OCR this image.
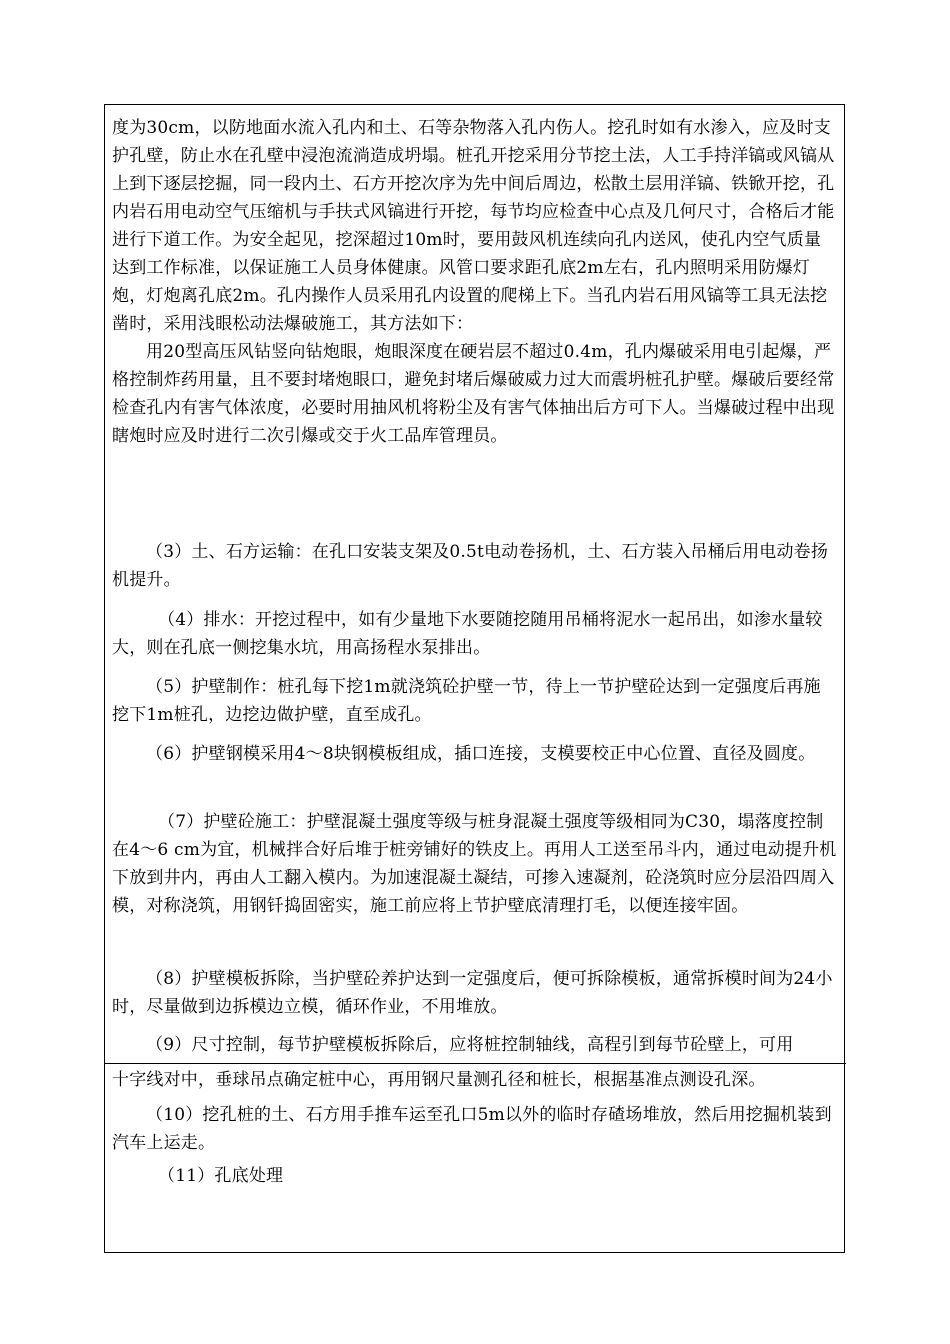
度为30cm，以防地面水流入孔内和土、石等杂物落入孔内伤人。挖孔时如有水渗入，应及时支护孔壁，防止水在孔壁中浸泡流淌造成坍塌。桩孔开挖采用分节挖土法，人工手持洋镐或风镐从上到下逐层挖掘，同一段内土、石方开挖次序为先中间后周边，松散土层用洋镐、铁锨开挖，孔内岩石用电动空气压缩机与手扶式风镐进行开挖，每节均应检查中心点及几何尺寸，合格后才能进行下道工作。为安全起见，挖深超过10m时，要用鼓风机连续向孔内送风，使孔内空气质量达到工作标准，以保证施工人员身体健康。风管口要求距孔底2m左右，孔内照明采用防爆灯炮，灯炮离孔底2m。孔内操作人员采用孔内设置的爬梯上下。当孔内岩石用风镐等工具无法挖凿时，采用浅眼松动法爆破施工，其方法如下：

用20型高压风钻竖向钻炮眼，炮眼深度在硬岩层不超过0.4m，孔内爆破采用电引起爆，严格控制炸药用量，且不要封堵炮眼口，避免封堵后爆破威力过大而震坍桩孔护壁。爆破后要经常检查孔内有害气体浓度，必要时用抽风机将粉尘及有害气体抽出后方可下人。当爆破过程中出现瞎炮时应及时进行二次引爆或交于火工品库管理员。

（3）土、石方运输：在孔口安装支架及0.5t电动卷扬机，土、石方装入吊桶后用电动卷扬机提升。

（4）排水：开挖过程中，如有少量地下水要随挖随用吊桶将泥水一起吊出，如渗水量较大，则在孔底一侧挖集水坑，用高扬程水泵排出。

（5）护壁制作：桩孔每下挖1m就浇筑砼护壁一节，待上一节护壁砼达到一定强度后再施挖下1m桩孔，边挖边做护壁，直至成孔。

（6）护壁钢模采用4～8块钢模板组成，插口连接，支模要校正中心位置、直径及圆度。

（7）护壁砼施工：护壁混凝土强度等级与桩身混凝土强度等级相同为C30，塌落度控制在4～6 cm为宜，机械拌合好后堆于桩旁铺好的铁皮上。再用人工送至吊斗内，通过电动提升机下放到井内，再由人工翻入模内。为加速混凝土凝结，可掺入速凝剂，砼浇筑时应分层沿四周入模，对称浇筑，用钢钎捣固密实，施工前应将上节护壁底清理打毛，以便连接牢固。

（8）护壁模板拆除，当护壁砼养护达到一定强度后，便可拆除模板，通常拆模时间为24小时，尽量做到边拆模边立模，循环作业，不用堆放。

（9）尺寸控制，每节护壁模板拆除后，应将桩控制轴线，高程引到每节砼壁上，可用

十字线对中，垂球吊点确定桩中心，再用钢尺量测孔径和桩长，根据基准点测设孔深。

（10）挖孔桩的土、石方用手推车运至孔口5m以外的临时存碴场堆放，然后用挖掘机装到汽车上运走。

（11）孔底处理
